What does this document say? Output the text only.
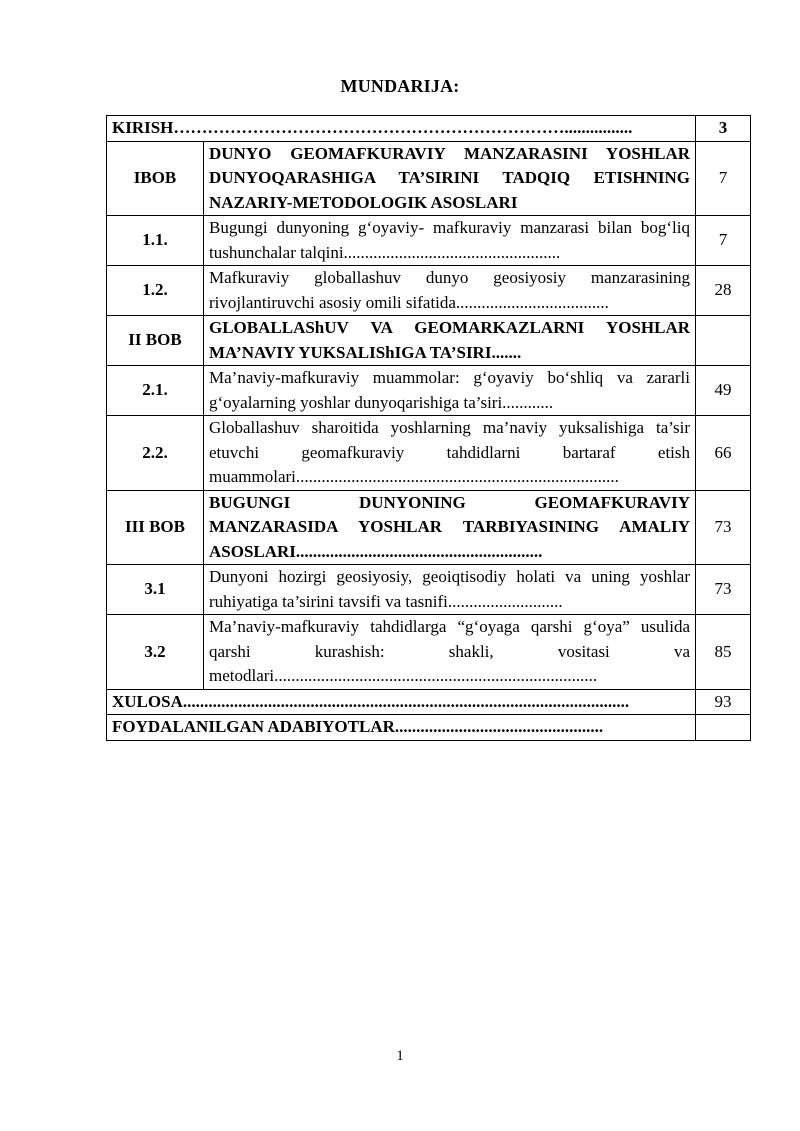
MUNDARIJA:
KIRISH……………………………………………………………................		3
IBOB	DUNYO GEOMAFKURAVIY MANZARASINI YOSHLAR DUNYOQARASHIGA TA’SIRINI TADQIQ ETISHNING NAZARIY-METODOLOGIK ASOSLARI	7
1.1.	Bugungi dunyoning g‘oyaviy- mafkuraviy manzarasi bilan bog‘liq tushunchalar talqini...................................................	7
1.2.	Mafkuraviy globallashuv dunyo geosiyosiy manzarasining rivojlantiruvchi asosiy omili sifatida....................................	28
II BOB	GLOBALLAShUV VA GEOMARKAZLARNI YOSHLAR MA’NAVIY YUKSALIShIGA TA’SIRI.......	
2.1.	Ma’naviy-mafkuraviy muammolar: g‘oyaviy bo‘shliq va zararli g‘oyalarning yoshlar dunyoqarishiga ta’siri............	49
2.2.	Globallashuv sharoitida yoshlarning ma’naviy yuksalishiga ta’sir etuvchi geomafkuraviy tahdidlarni bartaraf etish muammolari............................................................................	66
III BOB	BUGUNGI DUNYONING GEOMAFKURAVIY MANZARASIDA YOSHLAR TARBIYASINING AMALIY ASOSLARI..........................................................	73
3.1	Dunyoni hozirgi geosiyosiy, geoiqtisodiy holati va uning yoshlar ruhiyatiga ta’sirini tavsifi va tasnifi...........................	73
3.2	Ma’naviy-mafkuraviy tahdidlarga “g‘oyaga qarshi g‘oya” usulida qarshi kurashish: shakli, vositasi va metodlari............................................................................	85
XULOSA.........................................................................................................		93
FOYDALANILGAN ADABIYOTLAR.................................................		
1
